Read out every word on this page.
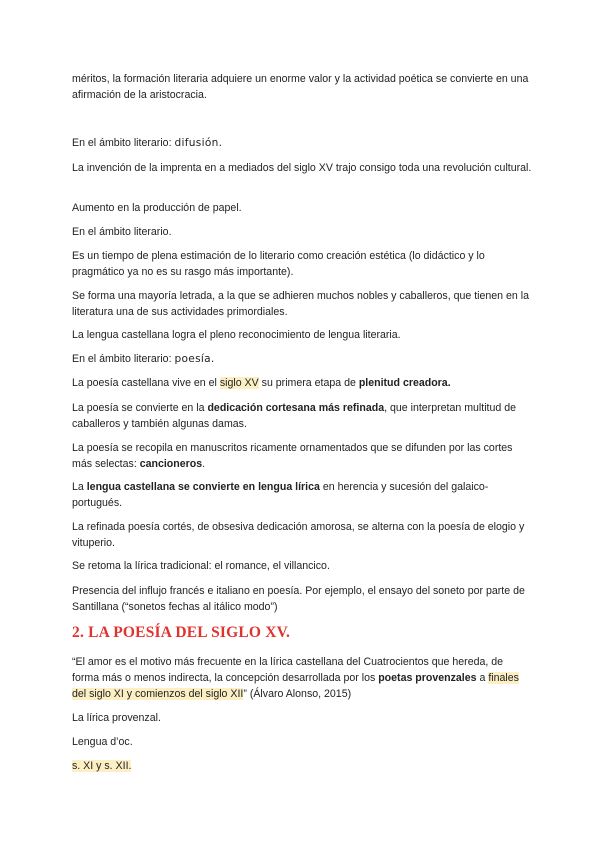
méritos, la formación literaria adquiere un enorme valor y la actividad poética se convierte en una afirmación de la aristocracia.

En el ámbito literario: difusión.

La invención de la imprenta en a mediados del siglo XV trajo consigo toda una revolución cultural.

Aumento en la producción de papel.

En el ámbito literario.

Es un tiempo de plena estimación de lo literario como creación estética (lo didáctico y lo pragmático ya no es su rasgo más importante).

Se forma una mayoría letrada, a la que se adhieren muchos nobles y caballeros, que tienen en la literatura una de sus actividades primordiales.

La lengua castellana logra el pleno reconocimiento de lengua literaria.

En el ámbito literario: poesía.

La poesía castellana vive en el siglo XV su primera etapa de plenitud creadora.

La poesía se convierte en la dedicación cortesana más refinada, que interpretan multitud de caballeros y también algunas damas.

La poesía se recopila en manuscritos ricamente ornamentados que se difunden por las cortes más selectas: cancioneros.

La lengua castellana se convierte en lengua lírica en herencia y sucesión del galaico-portugués.

La refinada poesía cortés, de obsesiva dedicación amorosa, se alterna con la poesía de elogio y vituperio.

Se retoma la lírica tradicional: el romance, el villancico.

Presencia del influjo francés e italiano en poesía. Por ejemplo, el ensayo del soneto por parte de Santillana (“sonetos fechas al itálico modo”)

2. LA POESÍA DEL SIGLO XV.

“El amor es el motivo más frecuente en la lírica castellana del Cuatrocientos que hereda, de forma más o menos indirecta, la concepción desarrollada por los poetas provenzales a finales del siglo XI y comienzos del siglo XII” (Álvaro Alonso, 2015)

La lírica provenzal.

Lengua d’oc.

s. XI y s. XII.
